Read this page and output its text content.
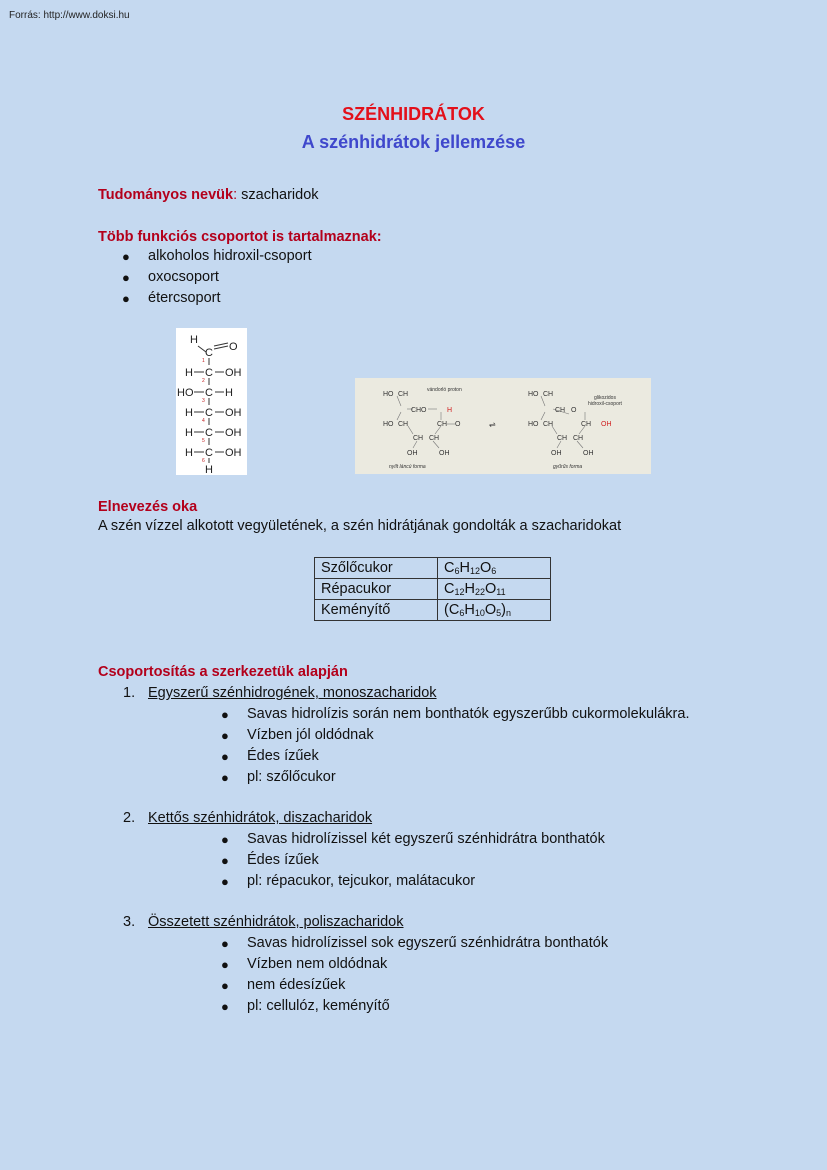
Forrás: http://www.doksi.hu
SZÉNHIDRÁTOK
A szénhidrátok jellemzése
Tudományos nevük: szacharidok
Több funkciós csoportot is tartalmaznak:
● alkoholos hidroxil-csoport
● oxocsoport
● étercsoport
H
C O
H C OH
HO C H
H C OH
H C OH
H C OH
H
1
2
3
4
5
6
HO CH
vándorló proton
CH O	H
HO CH	CH O
CH CH
OH	OH
nyílt láncú forma
⇌
HO CH	glikozidos
hidroxil-csoport
CH O
HO CH	CH OH
CH CH
OH	OH
gyűrűs forma
Elnevezés oka
A szén vízzel alkotott vegyületének, a szén hidrátjának gondolták a szacharidokat
Szőlőcukor	$C_6H_{12}O_6$
Répacukor	$C_{12}H_{22}O_{11}$
Keményítő	$(C_6H_{10}O_5)_n$
Csoportosítás a szerkezetük alapján
1. Egyszerű szénhidrogének, monoszacharidok
● Savas hidrolízis során nem bonthatók egyszerűbb cukormolekulákra.
● Vízben jól oldódnak
● Édes ízűek
● pl: szőlőcukor
2. Kettős szénhidrátok, diszacharidok
● Savas hidrolízissel két egyszerű szénhidrátra bonthatók
● Édes ízűek
● pl: répacukor, tejcukor, malátacukor
3. Összetett szénhidrátok, poliszacharidok
● Savas hidrolízissel sok egyszerű szénhidrátra bonthatók
● Vízben nem oldódnak
● nem édesízűek
● pl: cellulóz, keményítő
